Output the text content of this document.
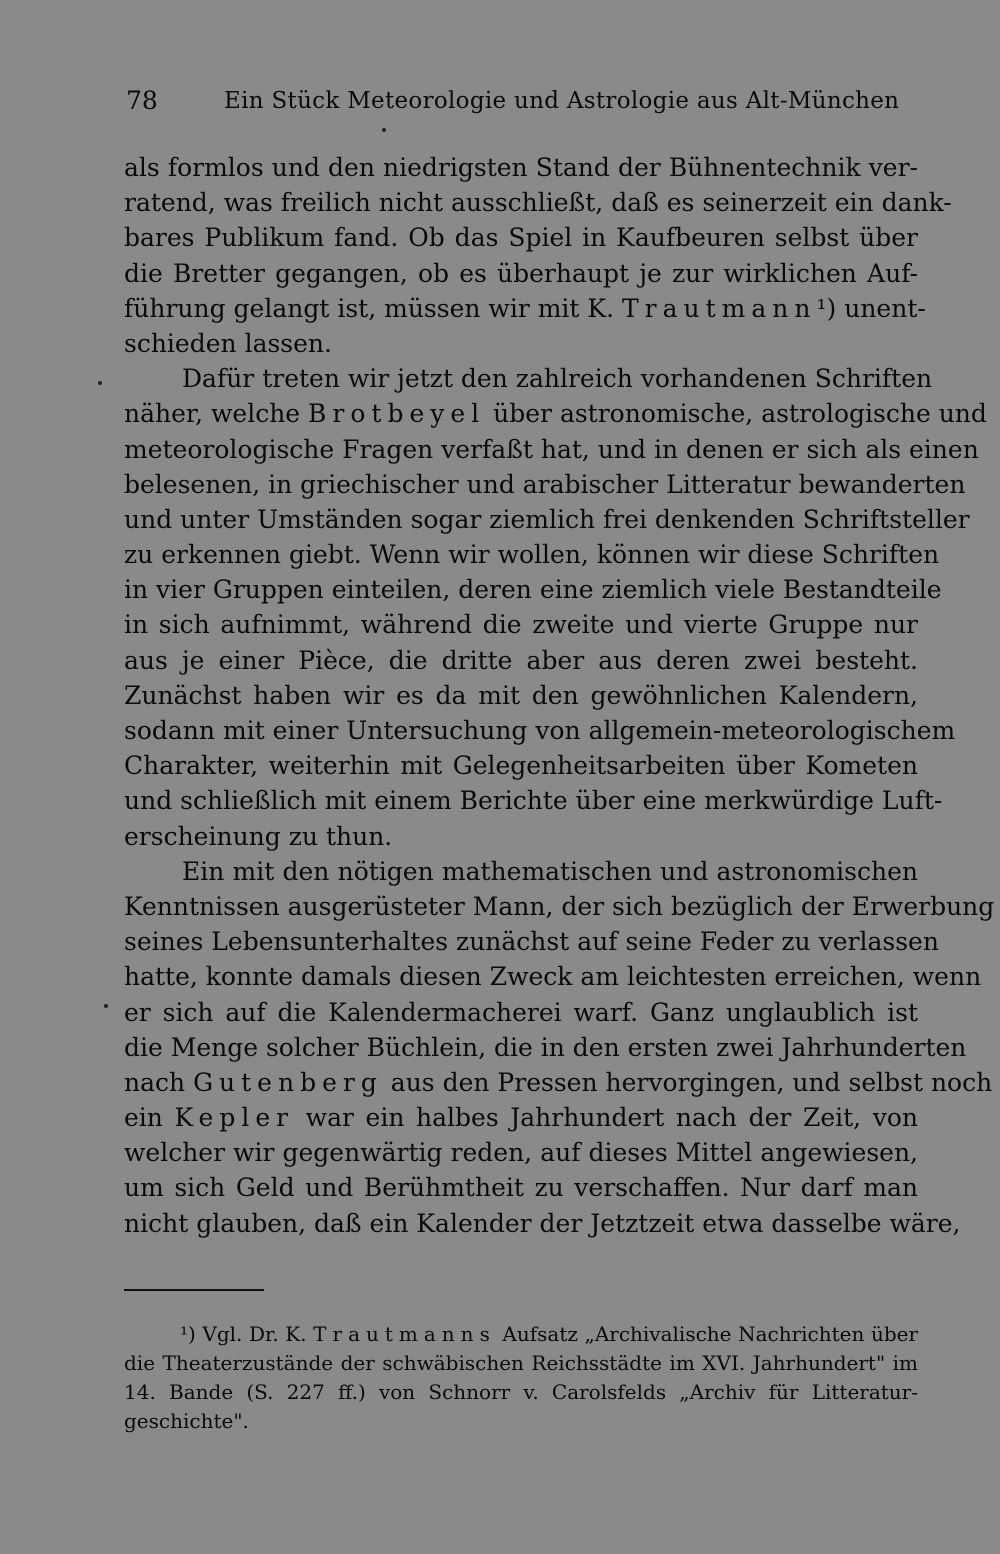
78	Ein Stück Meteorologie und Astrologie aus Alt-München
als formlos und den niedrigsten Stand der Bühnentechnik ver-
ratend, was freilich nicht ausschließt, daß es seinerzeit ein dank-
bares Publikum fand. Ob das Spiel in Kaufbeuren selbst über
die Bretter gegangen, ob es überhaupt je zur wirklichen Auf-
führung gelangt ist, müssen wir mit K. Trautmann¹) unent-
schieden lassen.
Dafür treten wir jetzt den zahlreich vorhandenen Schriften
näher, welche Brotbeyel über astronomische, astrologische und
meteorologische Fragen verfaßt hat, und in denen er sich als einen
belesenen, in griechischer und arabischer Litteratur bewanderten
und unter Umständen sogar ziemlich frei denkenden Schriftsteller
zu erkennen giebt. Wenn wir wollen, können wir diese Schriften
in vier Gruppen einteilen, deren eine ziemlich viele Bestandteile
in sich aufnimmt, während die zweite und vierte Gruppe nur
aus je einer Pièce, die dritte aber aus deren zwei besteht.
Zunächst haben wir es da mit den gewöhnlichen Kalendern,
sodann mit einer Untersuchung von allgemein-meteorologischem
Charakter, weiterhin mit Gelegenheitsarbeiten über Kometen
und schließlich mit einem Berichte über eine merkwürdige Luft-
erscheinung zu thun.
Ein mit den nötigen mathematischen und astronomischen
Kenntnissen ausgerüsteter Mann, der sich bezüglich der Erwerbung
seines Lebensunterhaltes zunächst auf seine Feder zu verlassen
hatte, konnte damals diesen Zweck am leichtesten erreichen, wenn
er sich auf die Kalendermacherei warf. Ganz unglaublich ist
die Menge solcher Büchlein, die in den ersten zwei Jahrhunderten
nach Gutenberg aus den Pressen hervorgingen, und selbst noch
ein Kepler war ein halbes Jahrhundert nach der Zeit, von
welcher wir gegenwärtig reden, auf dieses Mittel angewiesen,
um sich Geld und Berühmtheit zu verschaffen. Nur darf man
nicht glauben, daß ein Kalender der Jetztzeit etwa dasselbe wäre,
¹) Vgl. Dr. K. Trautmanns Aufsatz „Archivalische Nachrichten über
die Theaterzustände der schwäbischen Reichsstädte im XVI. Jahrhundert" im
14. Bande (S. 227 ff.) von Schnorr v. Carolsfelds „Archiv für Litteratur-
geschichte".
